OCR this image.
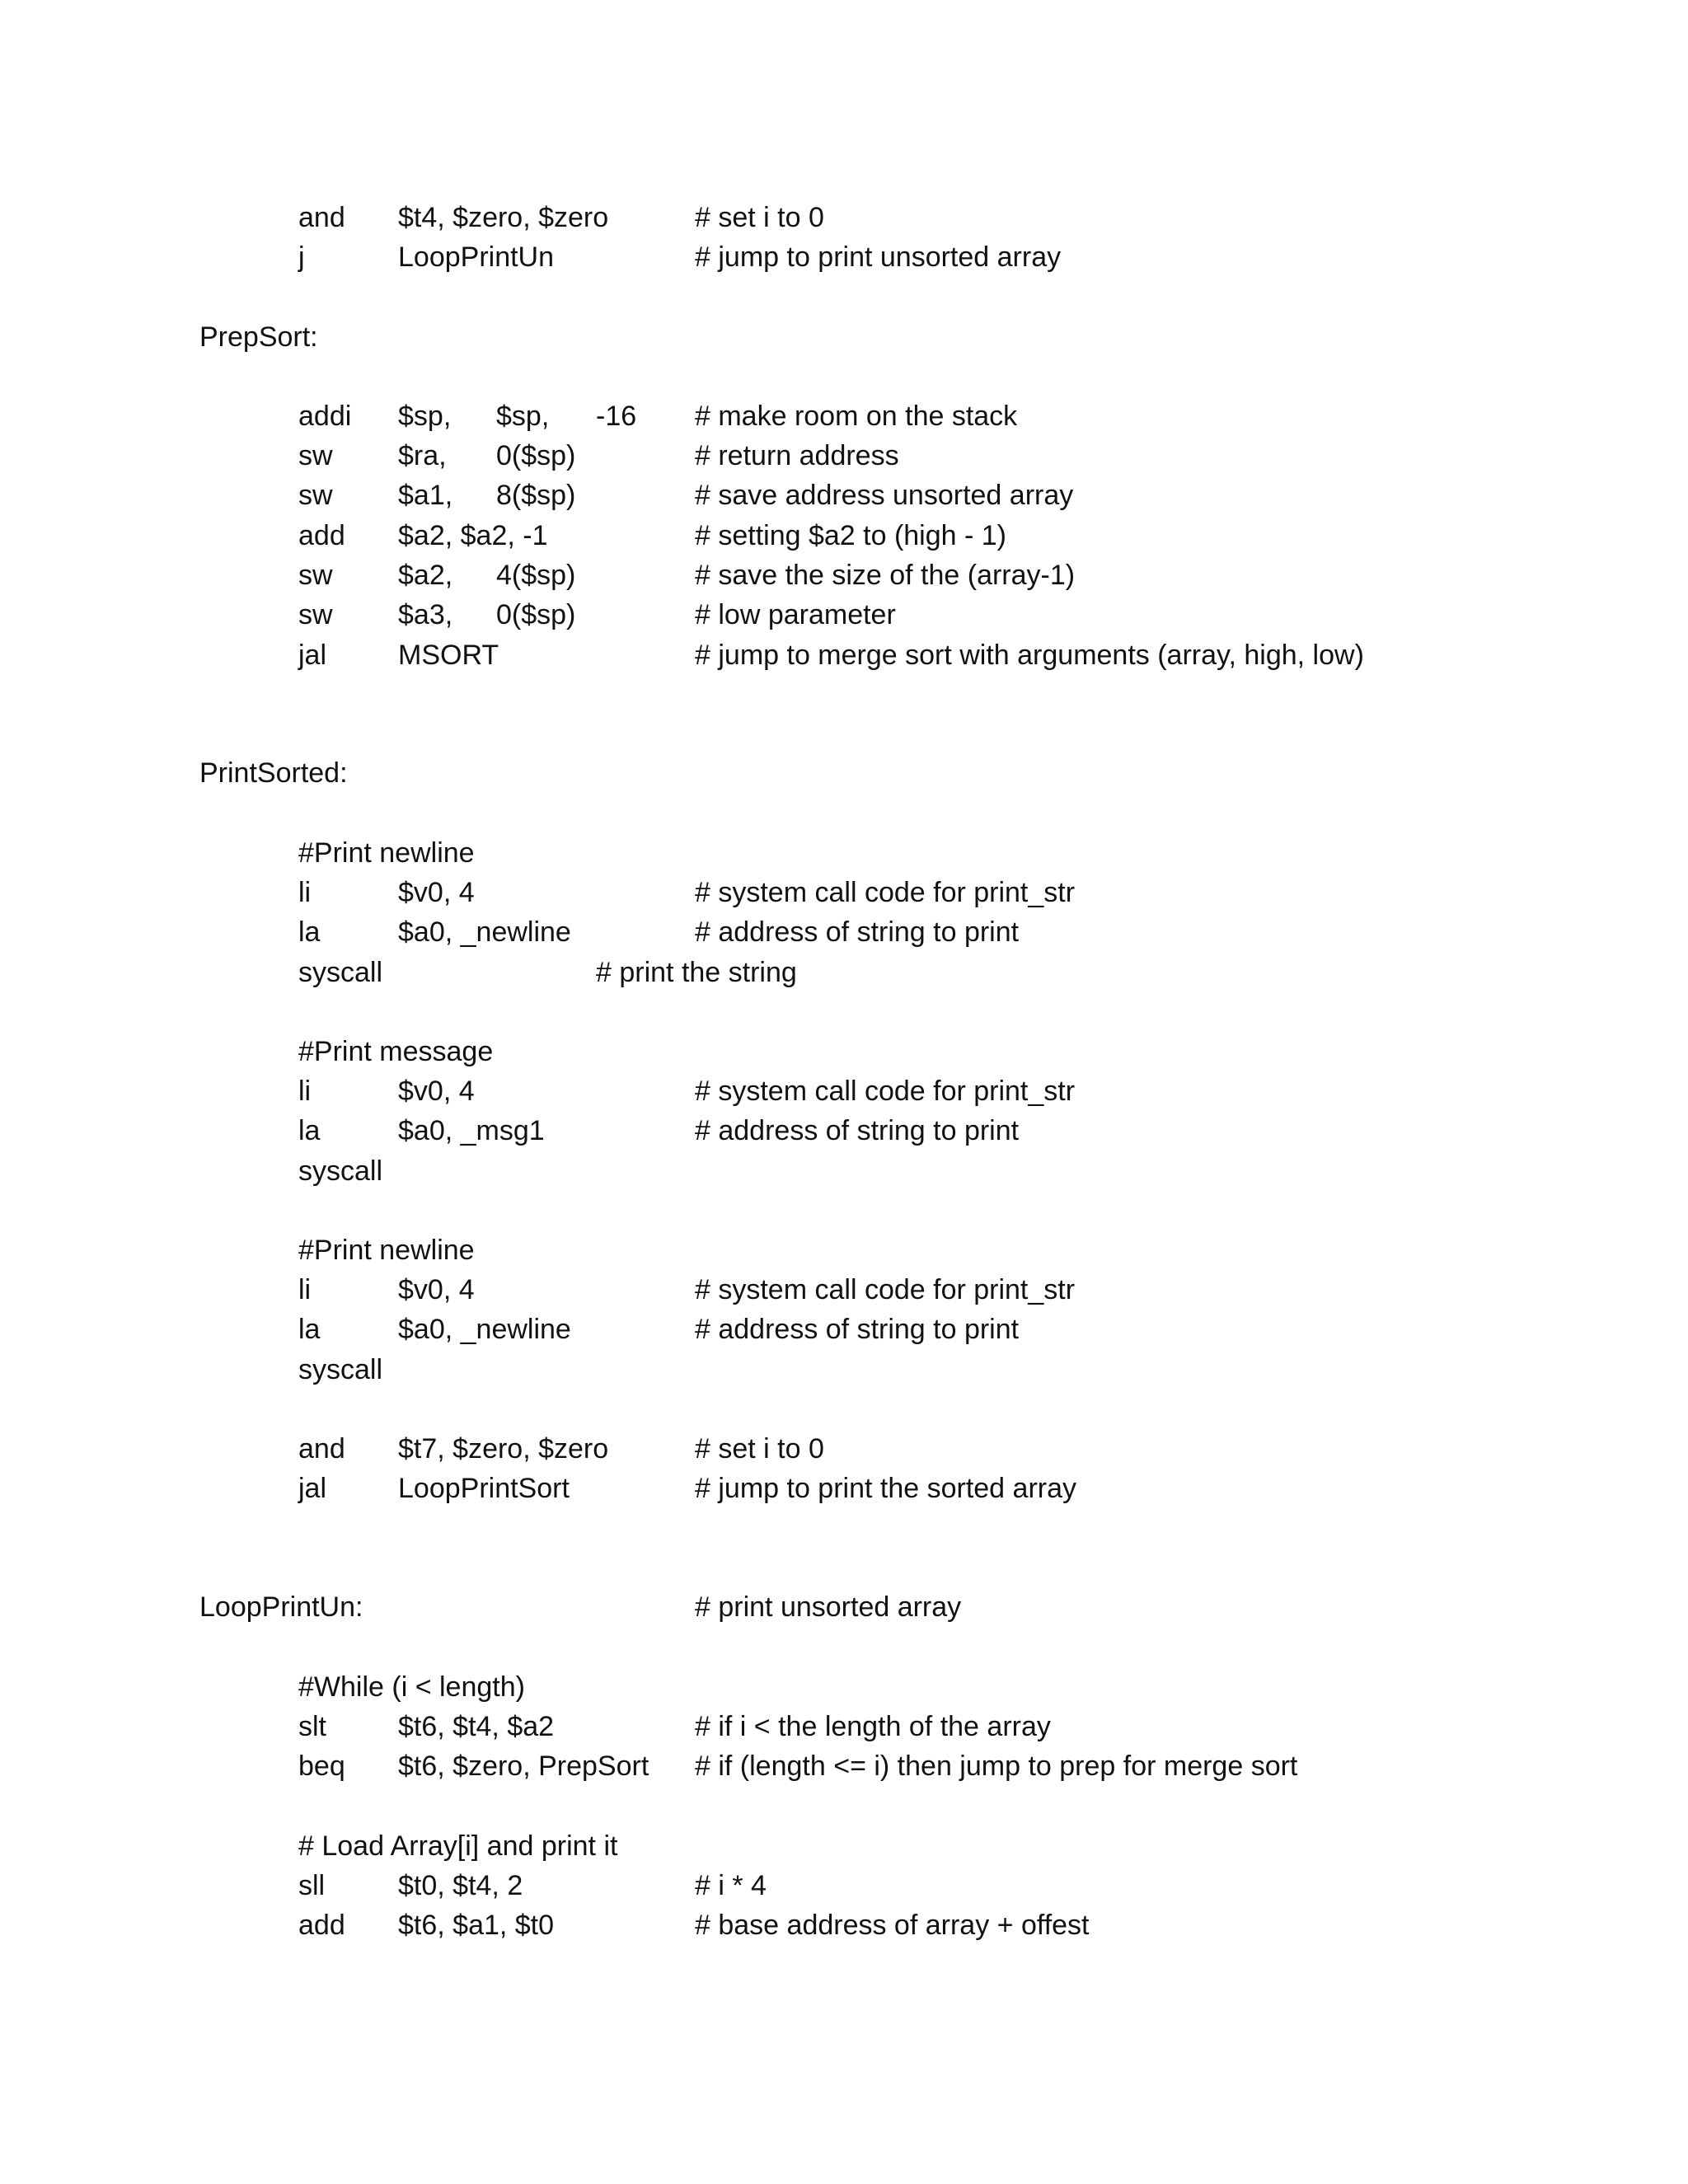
and $t4, $zero, $zero	# set i to 0
j	LoopPrintUn	# jump to print unsorted array
PrepSort:
addi $sp, $sp, -16 # make room on the stack
sw $ra, 0($sp)	# return address
sw $a1, 8($sp)	# save address unsorted array
add $a2, $a2, -1	# setting $a2 to (high - 1)
sw $a2, 4($sp)	# save the size of the (array-1)
sw $a3, 0($sp)	# low parameter
jal	MSORT	# jump to merge sort with arguments (array, high, low)
PrintSorted:
#Print newline
li	$v0, 4	# system call code for print_str
la	$a0, _newline	# address of string to print
syscall	# print the string
#Print message
li	$v0, 4	# system call code for print_str
la	$a0, _msg1	# address of string to print
syscall
#Print newline
li	$v0, 4	# system call code for print_str
la	$a0, _newline	# address of string to print
syscall
and $t7, $zero, $zero	# set i to 0
jal	LoopPrintSort	# jump to print the sorted array
LoopPrintUn:	# print unsorted array
#While (i < length)
slt	$t6, $t4, $a2	# if i < the length of the array
beq $t6, $zero, PrepSort # if (length <= i) then jump to prep for merge sort
# Load Array[i] and print it
sll	$t0, $t4, 2	# i * 4
add $t6, $a1, $t0	# base address of array + offest
